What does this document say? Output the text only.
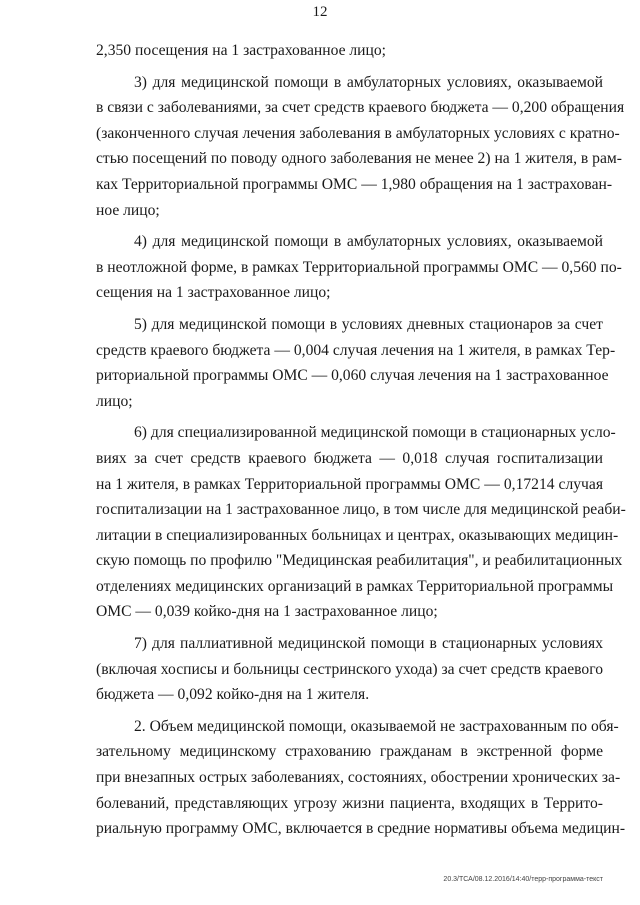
12
2,350 посещения на 1 застрахованное лицо;
3) для медицинской помощи в амбулаторных условиях, оказываемой
в связи с заболеваниями, за счет средств краевого бюджета — 0,200 обращения
(законченного случая лечения заболевания в амбулаторных условиях с кратно-
стью посещений по поводу одного заболевания не менее 2) на 1 жителя, в рам-
ках Территориальной программы ОМС — 1,980 обращения на 1 застрахован-
ное лицо;
4) для медицинской помощи в амбулаторных условиях, оказываемой
в неотложной форме, в рамках Территориальной программы ОМС — 0,560 по-
сещения на 1 застрахованное лицо;
5) для медицинской помощи в условиях дневных стационаров за счет
средств краевого бюджета — 0,004 случая лечения на 1 жителя, в рамках Тер-
риториальной программы ОМС — 0,060 случая лечения на 1 застрахованное
лицо;
6) для специализированной медицинской помощи в стационарных усло-
виях за счет средств краевого бюджета — 0,018 случая госпитализации
на 1 жителя, в рамках Территориальной программы ОМС — 0,17214 случая
госпитализации на 1 застрахованное лицо, в том числе для медицинской реаби-
литации в специализированных больницах и центрах, оказывающих медицин-
скую помощь по профилю "Медицинская реабилитация", и реабилитационных
отделениях медицинских организаций в рамках Территориальной программы
ОМС — 0,039 койко-дня на 1 застрахованное лицо;
7) для паллиативной медицинской помощи в стационарных условиях
(включая хосписы и больницы сестринского ухода) за счет средств краевого
бюджета — 0,092 койко-дня на 1 жителя.
2. Объем медицинской помощи, оказываемой не застрахованным по обя-
зательному медицинскому страхованию гражданам в экстренной форме
при внезапных острых заболеваниях, состояниях, обострении хронических за-
болеваний, представляющих угрозу жизни пациента, входящих в Террито-
риальную программу ОМС, включается в средние нормативы объема медицин-
20.3/ТСА/08.12.2016/14:40/терр-программа-текст
